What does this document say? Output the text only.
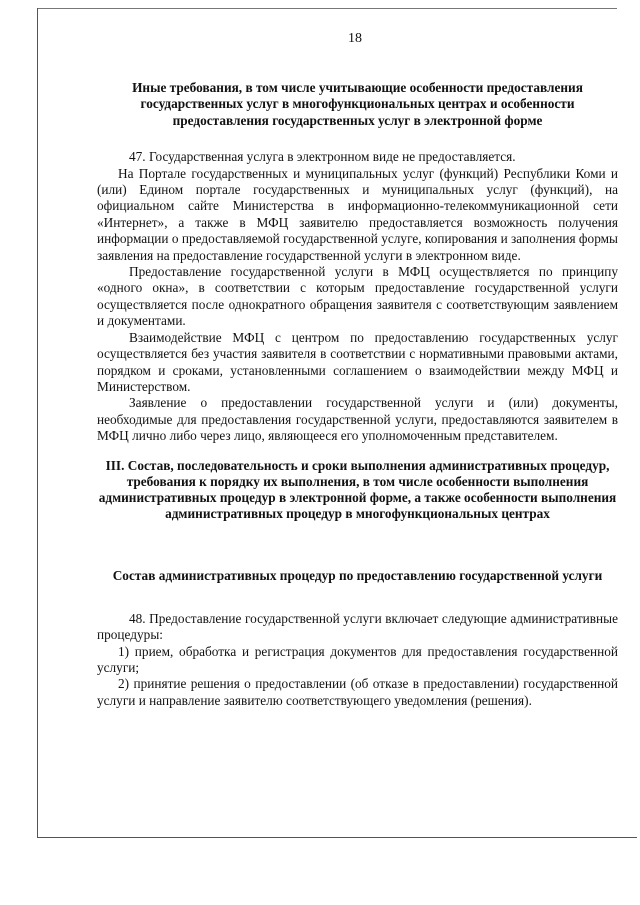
18

Иные требования, в том числе учитывающие особенности предоставления государственных услуг в многофункциональных центрах и особенности предоставления государственных услуг в электронной форме

47. Государственная услуга в электронном виде не предоставляется.

На Портале государственных и муниципальных услуг (функций) Республики Коми и (или) Едином портале государственных и муниципальных услуг (функций), на официальном сайте Министерства в информационно-телекоммуникационной сети «Интернет», а также в МФЦ заявителю предоставляется возможность получения информации о предоставляемой государственной услуге, копирования и заполнения формы заявления на предоставление государственной услуги в электронном виде.

Предоставление государственной услуги в МФЦ осуществляется по принципу «одного окна», в соответствии с которым предоставление государственной услуги осуществляется после однократного обращения заявителя с соответствующим заявлением и документами.

Взаимодействие МФЦ с центром по предоставлению государственных услуг осуществляется без участия заявителя в соответствии с нормативными правовыми актами, порядком и сроками, установленными соглашением о взаимодействии между МФЦ и Министерством.

Заявление о предоставлении государственной услуги и (или) документы, необходимые для предоставления государственной услуги, предоставляются заявителем в МФЦ лично либо через лицо, являющееся его уполномоченным представителем.

III. Состав, последовательность и сроки выполнения административных процедур, требования к порядку их выполнения, в том числе особенности выполнения административных процедур в электронной форме, а также особенности выполнения административных процедур в многофункциональных центрах

Состав административных процедур по предоставлению государственной услуги

48. Предоставление государственной услуги включает следующие административные процедуры:

1) прием, обработка и регистрация документов для предоставления государственной услуги;

2) принятие решения о предоставлении (об отказе в предоставлении) государственной услуги и направление заявителю соответствующего уведомления (решения).
